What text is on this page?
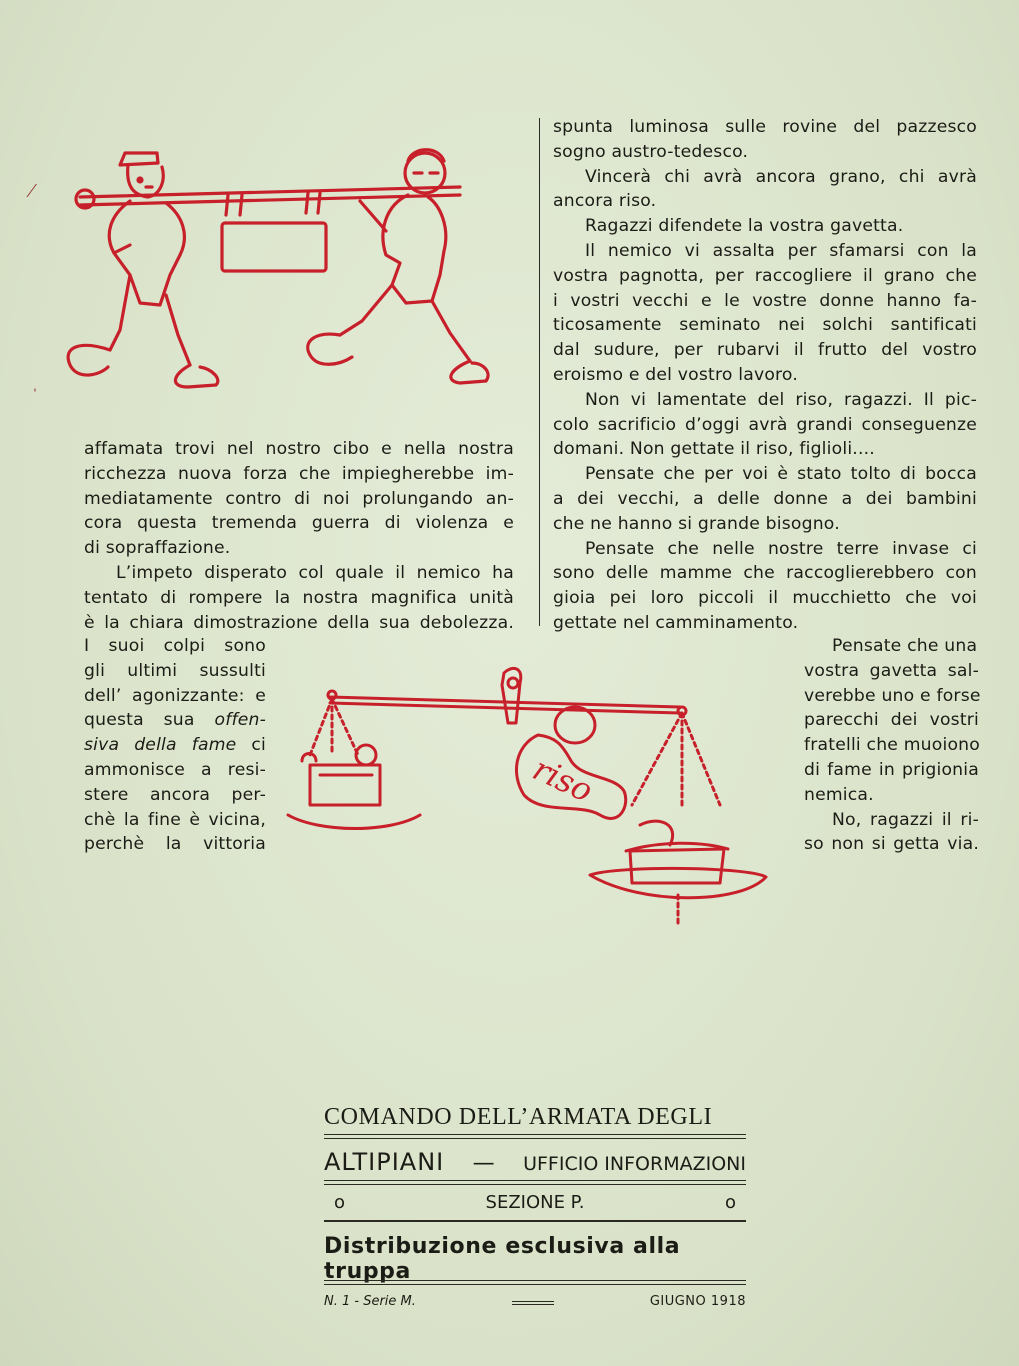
affamata trovi nel nostro cibo e nella nostra
ricchezza nuova forza che impiegherebbe im-
mediatamente contro di noi prolungando an-
cora questa tremenda guerra di violenza e
di sopraffazione.
L’impeto disperato col quale il nemico ha
tentato di rompere la nostra magnifica unità
è la chiara dimostrazione della sua debolezza.
I suoi colpi sono
gli ultimi sussulti
dell’ agonizzante: e
questa sua offen-
siva della fame ci
ammonisce a resi-
stere ancora per-
chè la fine è vicina,
perchè la vittoria
spunta luminosa sulle rovine del pazzesco
sogno austro-tedesco.
Vincerà chi avrà ancora grano, chi avrà
ancora riso.
Ragazzi difendete la vostra gavetta.
Il nemico vi assalta per sfamarsi con la
vostra pagnotta, per raccogliere il grano che
i vostri vecchi e le vostre donne hanno fa-
ticosamente seminato nei solchi santificati
dal sudure, per rubarvi il frutto del vostro
eroismo e del vostro lavoro.
Non vi lamentate del riso, ragazzi. Il pic-
colo sacrificio d’oggi avrà grandi conseguenze
domani. Non gettate il riso, figlioli....
Pensate che per voi è stato tolto di bocca
a dei vecchi, a delle donne a dei bambini
che ne hanno si grande bisogno.
Pensate che nelle nostre terre invase ci
sono delle mamme che raccoglierebbero con
gioia pei loro piccoli il mucchietto che voi
gettate nel camminamento.
Pensate che una
vostra gavetta sal-
verebbe uno e forse
parecchi dei vostri
fratelli che muoiono
di fame in prigionia
nemica.
No, ragazzi il ri-
so non si getta via.
riso
COMANDO DELL’ARMATA DEGLI
ALTIPIANI — UFFICIO INFORMAZIONI
o	SEZIONE P.	o
Distribuzione esclusiva alla truppa
N. 1 - Serie M.	GIUGNO 1918
⁄
ˈ
